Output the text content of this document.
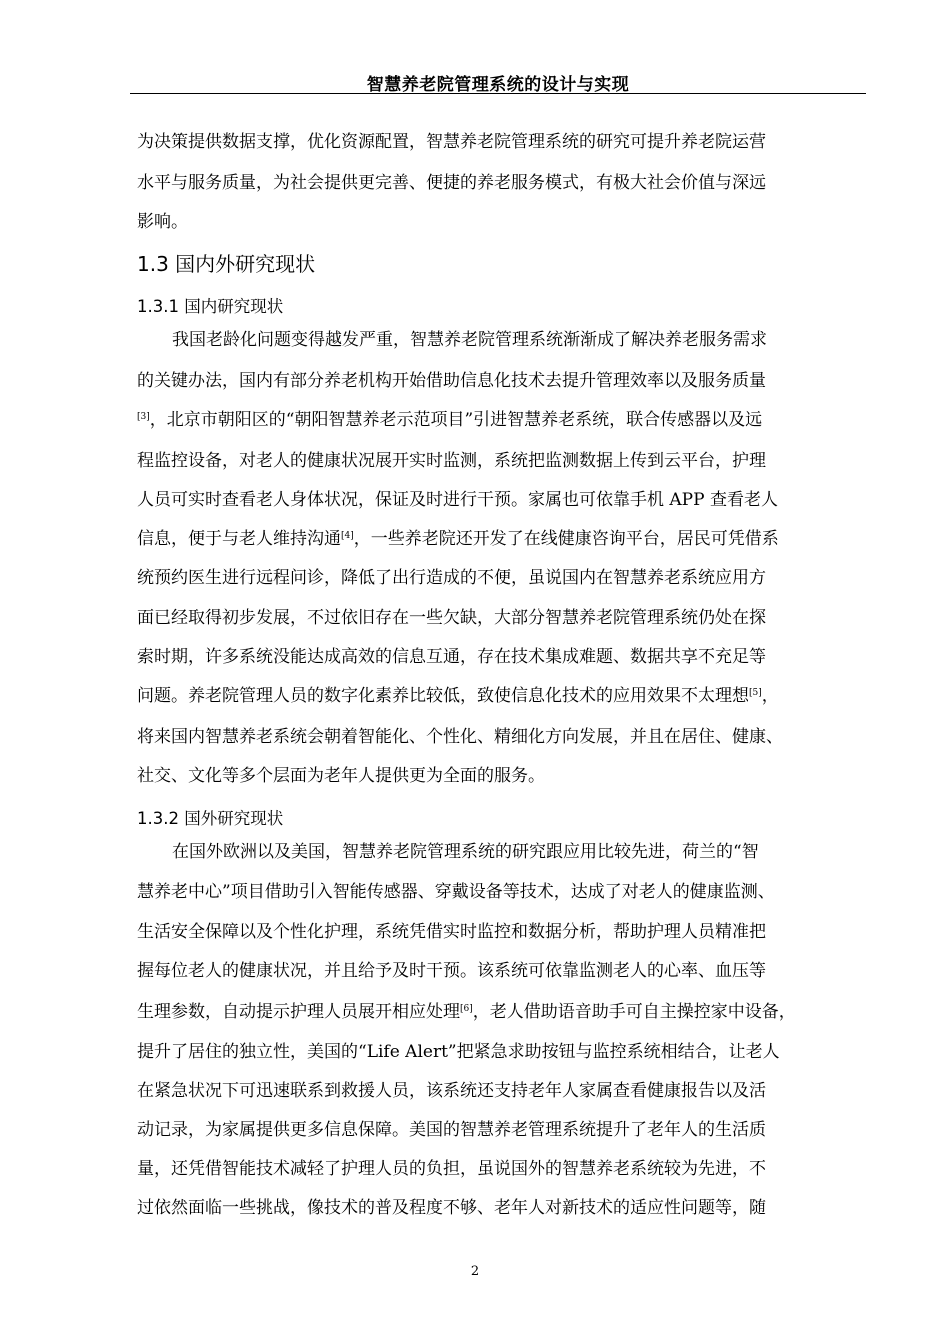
智慧养老院管理系统的设计与实现
为决策提供数据支撑，优化资源配置，智慧养老院管理系统的研究可提升养老院运营
水平与服务质量，为社会提供更完善、便捷的养老服务模式，有极大社会价值与深远
影响。
1.3 国内外研究现状
1.3.1 国内研究现状
我国老龄化问题变得越发严重，智慧养老院管理系统渐渐成了解决养老服务需求
的关键办法，国内有部分养老机构开始借助信息化技术去提升管理效率以及服务质量
[3]，北京市朝阳区的“朝阳智慧养老示范项目”引进智慧养老系统，联合传感器以及远
程监控设备，对老人的健康状况展开实时监测，系统把监测数据上传到云平台，护理
人员可实时查看老人身体状况，保证及时进行干预。家属也可依靠手机 APP 查看老人
信息，便于与老人维持沟通[4]，一些养老院还开发了在线健康咨询平台，居民可凭借系
统预约医生进行远程问诊，降低了出行造成的不便，虽说国内在智慧养老系统应用方
面已经取得初步发展，不过依旧存在一些欠缺，大部分智慧养老院管理系统仍处在探
索时期，许多系统没能达成高效的信息互通，存在技术集成难题、数据共享不充足等
问题。养老院管理人员的数字化素养比较低，致使信息化技术的应用效果不太理想[5]，
将来国内智慧养老系统会朝着智能化、个性化、精细化方向发展，并且在居住、健康、
社交、文化等多个层面为老年人提供更为全面的服务。
1.3.2 国外研究现状
在国外欧洲以及美国，智慧养老院管理系统的研究跟应用比较先进，荷兰的“智
慧养老中心”项目借助引入智能传感器、穿戴设备等技术，达成了对老人的健康监测、
生活安全保障以及个性化护理，系统凭借实时监控和数据分析，帮助护理人员精准把
握每位老人的健康状况，并且给予及时干预。该系统可依靠监测老人的心率、血压等
生理参数，自动提示护理人员展开相应处理[6]，老人借助语音助手可自主操控家中设备，
提升了居住的独立性，美国的“Life Alert”把紧急求助按钮与监控系统相结合，让老人
在紧急状况下可迅速联系到救援人员，该系统还支持老年人家属查看健康报告以及活
动记录，为家属提供更多信息保障。美国的智慧养老管理系统提升了老年人的生活质
量，还凭借智能技术减轻了护理人员的负担，虽说国外的智慧养老系统较为先进，不
过依然面临一些挑战，像技术的普及程度不够、老年人对新技术的适应性问题等，随
2
